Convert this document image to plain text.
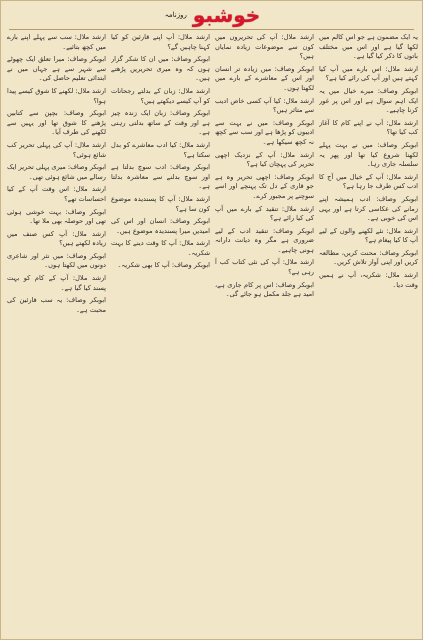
روزنامہ خوشبو

یہ ایک مضمون ہے جو اس کالم میں لکھا گیا ہے اور اس میں مختلف باتوں کا ذکر کیا گیا ہے۔

ارشد ملال: اس بارے میں آپ کیا کہتے ہیں اور آپ کی رائے کیا ہے؟

ابوبکر وصاف: میرے خیال میں یہ ایک اہم سوال ہے اور اس پر غور کرنا چاہیے۔

ارشد ملال: آپ نے اپنے کام کا آغاز کب کیا تھا؟

ابوبکر وصاف: میں نے بہت پہلے لکھنا شروع کیا تھا اور پھر یہ سلسلہ جاری رہا۔

ارشد ملال: آپ کے خیال میں آج کا ادب کس طرف جا رہا ہے؟

ابوبکر وصاف: ادب ہمیشہ اپنے زمانے کی عکاسی کرتا ہے اور یہی اس کی خوبی ہے۔

ارشد ملال: نئے لکھنے والوں کے لیے آپ کا کیا پیغام ہے؟

ابوبکر وصاف: محنت کریں، مطالعہ کریں اور اپنی آواز تلاش کریں۔

ارشد ملال: شکریہ، آپ نے ہمیں وقت دیا۔

ارشد ملال: آپ کی تحریروں میں کون سے موضوعات زیادہ نمایاں ہیں؟

ابوبکر وصاف: میں زیادہ تر انسان اور اس کے معاشرے کے بارے میں لکھتا ہوں۔

ارشد ملال: کیا آپ کسی خاص ادیب سے متاثر ہیں؟

ابوبکر وصاف: میں نے بہت سے ادیبوں کو پڑھا ہے اور سب سے کچھ نہ کچھ سیکھا ہے۔

ارشد ملال: آپ کے نزدیک اچھی تحریر کی پہچان کیا ہے؟

ابوبکر وصاف: اچھی تحریر وہ ہے جو قاری کے دل تک پہنچے اور اسے سوچنے پر مجبور کرے۔

ارشد ملال: تنقید کے بارے میں آپ کی کیا رائے ہے؟

ابوبکر وصاف: تنقید ادب کے لیے ضروری ہے مگر وہ دیانت دارانہ ہونی چاہیے۔

ارشد ملال: آپ کی نئی کتاب کب آ رہی ہے؟

ابوبکر وصاف: اس پر کام جاری ہے، امید ہے جلد مکمل ہو جائے گی۔

ارشد ملال: آپ اپنے قارئین کو کیا کہنا چاہیں گے؟

ابوبکر وصاف: میں ان کا شکر گزار ہوں کہ وہ میری تحریریں پڑھتے ہیں۔

ارشد ملال: زبان کے بدلتے رجحانات کو آپ کیسے دیکھتے ہیں؟

ابوبکر وصاف: زبان ایک زندہ چیز ہے اور وقت کے ساتھ بدلتی رہتی ہے۔

ارشد ملال: کیا ادب معاشرے کو بدل سکتا ہے؟

ابوبکر وصاف: ادب سوچ بدلتا ہے اور سوچ بدلنے سے معاشرہ بدلتا ہے۔

ارشد ملال: آپ کا پسندیدہ موضوع کون سا ہے؟

ابوبکر وصاف: انسان اور اس کی امیدیں میرا پسندیدہ موضوع ہیں۔

ارشد ملال: آپ کا وقت دینے کا بہت شکریہ۔

ابوبکر وصاف: آپ کا بھی شکریہ۔

ارشد ملال: سب سے پہلے اپنے بارے میں کچھ بتائیے۔

ابوبکر وصاف: میرا تعلق ایک چھوٹے سے شہر سے ہے جہاں میں نے ابتدائی تعلیم حاصل کی۔

ارشد ملال: لکھنے کا شوق کیسے پیدا ہوا؟

ابوبکر وصاف: بچپن سے کتابیں پڑھنے کا شوق تھا اور یہیں سے لکھنے کی طرف آیا۔

ارشد ملال: آپ کی پہلی تحریر کب شائع ہوئی؟

ابوبکر وصاف: میری پہلی تحریر ایک رسالے میں شائع ہوئی تھی۔

ارشد ملال: اس وقت آپ کے کیا احساسات تھے؟

ابوبکر وصاف: بہت خوشی ہوئی تھی اور حوصلہ بھی ملا تھا۔

ارشد ملال: آپ کس صنف میں زیادہ لکھتے ہیں؟

ابوبکر وصاف: میں نثر اور شاعری دونوں میں لکھتا ہوں۔

ارشد ملال: آپ کے کام کو بہت پسند کیا گیا ہے۔

ابوبکر وصاف: یہ سب قارئین کی محبت ہے۔
